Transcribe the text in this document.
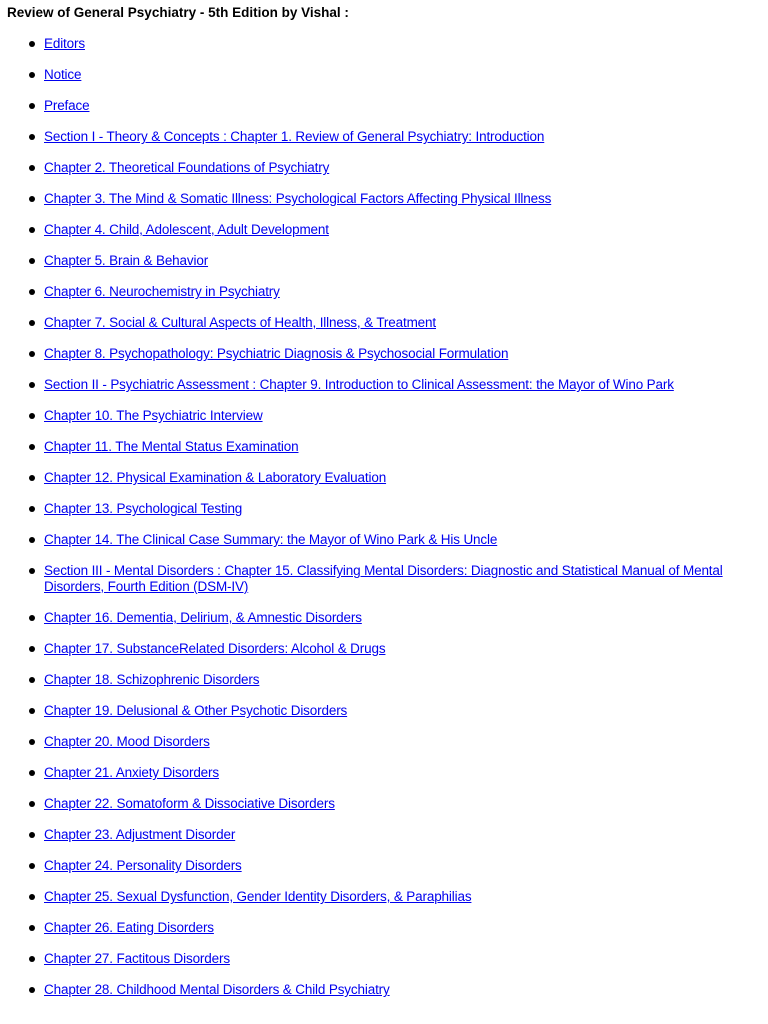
Review of General Psychiatry - 5th Edition by Vishal :
Editors
Notice
Preface
Section I - Theory & Concepts : Chapter 1. Review of General Psychiatry: Introduction
Chapter 2. Theoretical Foundations of Psychiatry
Chapter 3. The Mind & Somatic Illness: Psychological Factors Affecting Physical Illness
Chapter 4. Child, Adolescent, Adult Development
Chapter 5. Brain & Behavior
Chapter 6. Neurochemistry in Psychiatry
Chapter 7. Social & Cultural Aspects of Health, Illness, & Treatment
Chapter 8. Psychopathology: Psychiatric Diagnosis & Psychosocial Formulation
Section II - Psychiatric Assessment : Chapter 9. Introduction to Clinical Assessment: the Mayor of Wino Park
Chapter 10. The Psychiatric Interview
Chapter 11. The Mental Status Examination
Chapter 12. Physical Examination & Laboratory Evaluation
Chapter 13. Psychological Testing
Chapter 14. The Clinical Case Summary: the Mayor of Wino Park & His Uncle
Section III - Mental Disorders : Chapter 15. Classifying Mental Disorders: Diagnostic and Statistical Manual of Mental Disorders, Fourth Edition (DSM-IV)
Chapter 16. Dementia, Delirium, & Amnestic Disorders
Chapter 17. SubstanceRelated Disorders: Alcohol & Drugs
Chapter 18. Schizophrenic Disorders
Chapter 19. Delusional & Other Psychotic Disorders
Chapter 20. Mood Disorders
Chapter 21. Anxiety Disorders
Chapter 22. Somatoform & Dissociative Disorders
Chapter 23. Adjustment Disorder
Chapter 24. Personality Disorders
Chapter 25. Sexual Dysfunction, Gender Identity Disorders, & Paraphilias
Chapter 26. Eating Disorders
Chapter 27. Factitous Disorders
Chapter 28. Childhood Mental Disorders & Child Psychiatry
